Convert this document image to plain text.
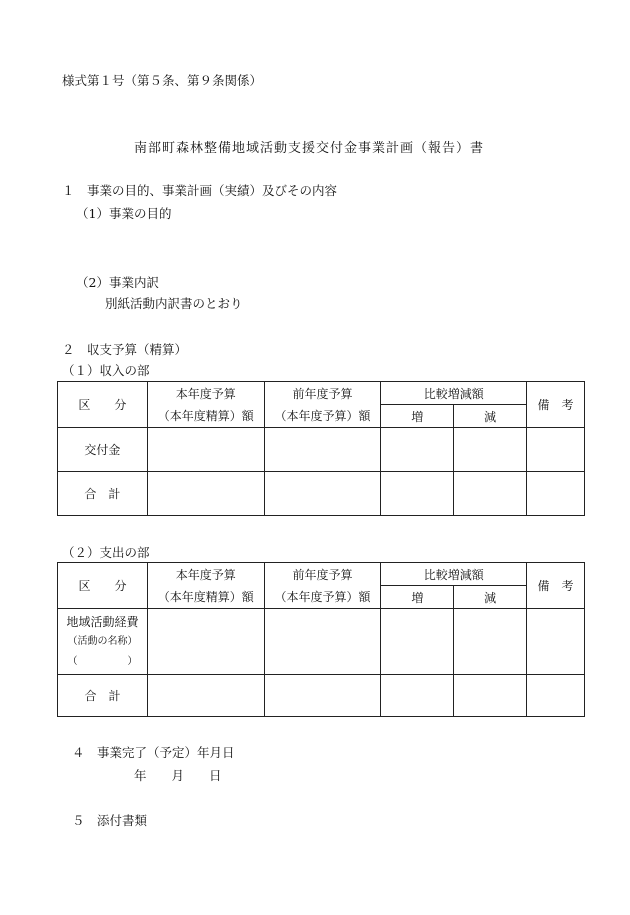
様式第１号（第５条、第９条関係）
南部町森林整備地域活動支援交付金事業計画（報告）書
１　事業の目的、事業計画（実績）及びその内容
（1）事業の目的
（2）事業内訳
別紙活動内訳書のとおり
２　収支予算（精算）
（１）収入の部
区　　分	本年度予算	前年度予算	比較増減額		備　考
	（本年度精算）額	（本年度予算）額	増	減	
交付金					
合　計					
（２）支出の部
区　　分	本年度予算	前年度予算	比較増減額		備　考
	（本年度精算）額	（本年度予算）額	増	減	

地域活動経費
（活動の名称）
（　　　　　）					

合　計					
４　事業完了（予定）年月日
年　　月　　日
５　添付書類
